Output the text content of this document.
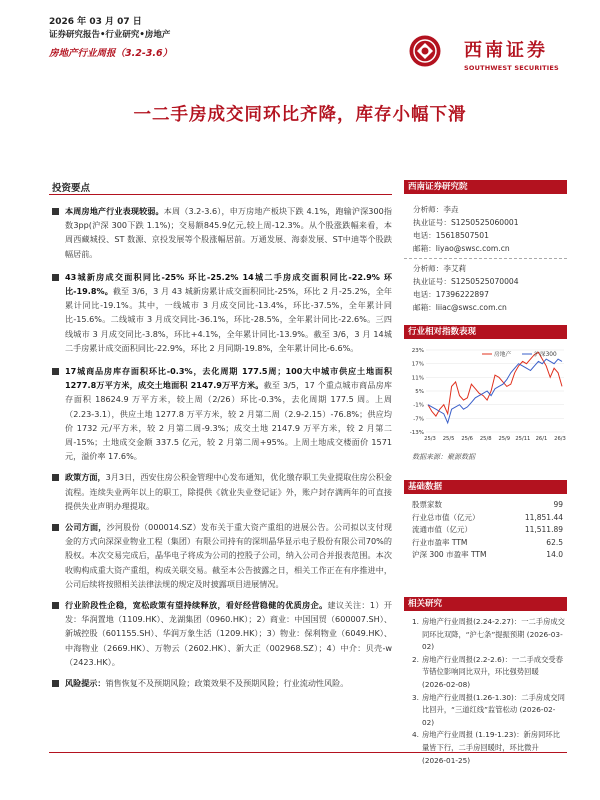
2026 年 03 月 07 日
证券研究报告•行业研究•房地产
房地产行业周报（3.2-3.6）	西南证券
SOUTHWEST SECURITIES
一二手房成交同环比齐降，库存小幅下滑
投资要点
本周房地产行业表现较弱。本周（3.2-3.6），申万房地产板块下跌 4.1%，跑输沪深300指数3pp(沪深 300下跌 1.1%)；交易额845.9亿元,较上周-12.3%。从个股涨跌幅来看，本周西藏城投、ST 数源、京投发展等个股涨幅居前。万通发展、海泰发展、ST中迪等个股跌幅居前。
43城新房成交面积同比-25% 环比-25.2% 14城二手房成交面积同比-22.9% 环比-19.8%。截至 3/6，3 月 43 城新房累计成交面积同比-25%，环比 2 月-25.2%，全年累计同比-19.1%。其中，一线城市 3 月成交同比-13.4%，环比-37.5%，全年累计同比-15.6%。二线城市 3 月成交同比-36.1%，环比-28.5%，全年累计同比-22.6%。三四线城市 3 月成交同比-3.8%，环比+4.1%，全年累计同比-13.9%。截至 3/6，3 月 14城二手房累计成交面积同比-22.9%，环比 2 月同期-19.8%，全年累计同比-6.6%。
17城商品房库存面积环比-0.3%，去化周期 177.5周；100大中城市供应土地面积 1277.8万平方米，成交土地面积 2147.9万平方米。截至 3/5，17 个重点城市商品房库存面积 18624.9 万平方米，较上周（2/26）环比-0.3%，去化周期 177.5 周。上周（2.23-3.1），供应土地 1277.8 万平方米，较 2 月第二周（2.9-2.15）-76.8%；供应均价 1732 元/平方米，较 2 月第二周-9.3%；成交土地 2147.9 万平方米，较 2 月第二周-15%；土地成交金额 337.5 亿元，较 2 月第二周+95%。上周土地成交楼面价 1571 元，溢价率 17.6%。
政策方面，3月3日，西安住房公积金管理中心发布通知，优化缴存职工失业提取住房公积金流程。连续失业两年以上的职工，除提供《就业失业登记证》外，账户封存满两年的可直接提供失业声明办理提取。
公司方面，沙河股份（000014.SZ）发布关于重大资产重组的进展公告。公司拟以支付现金的方式向深深业物业工程（集团）有限公司持有的深圳晶华显示电子股份有限公司70%的股权。本次交易完成后，晶华电子将成为公司的控股子公司，纳入公司合并报表范围。本次收购构成重大资产重组，构成关联交易。截至本公告披露之日，相关工作正在有序推进中，公司后续将按照相关法律法规的规定及时披露项目进展情况。
行业阶段性企稳，宽松政策有望持续释放，看好经营稳健的优质房企。建议关注：1）开发：华润置地（1109.HK）、龙湖集团（0960.HK）；2）商业：中国国贸（600007.SH）、新城控股（601155.SH）、华润万象生活（1209.HK）；3）物业：保利物业（6049.HK）、中海物业（2669.HK）、万物云（2602.HK）、新大正（002968.SZ）；4）中介：贝壳-w（2423.HK）。
风险提示：销售恢复不及预期风险；政策效果不及预期风险；行业流动性风险。
西南证券研究院
分析师：李垚
执业证号：S1250525060001
电话：15618507501
邮箱：liyao@swsc.com.cn
分析师：李艾莉
执业证号：S1250525070004
电话：17396222897
邮箱：liiac@swsc.com.cn
行业相对指数表现
23%
17%
11%
5%
-1%
-7%
-13%
25/3 25/5 25/6 25/8 25/9 25/11 26/1 26/3
房地产	沪深300
数据来源：聚源数据
基础数据
股票家数	99
行业总市值（亿元）	11,851.44
流通市值（亿元）	11,511.89
行业市盈率 TTM	62.5
沪深 300 市盈率 TTM	14.0
相关研究
1. 房地产行业周报(2.24-2.27)：一二手房成交同环比双降，“沪七条”提振预期 (2026-03-02)
2. 房地产行业周报(2.2-2.6)：一二手成交受春节错位影响同比双升，环比强势回暖 (2026-02-08)
3. 房地产行业周报(1.26-1.30)：二手房成交同比回升，“三道红线”监管松动 (2026-02-02)
4. 房地产行业周报 (1.19-1.23)：新房同环比量皆下行，二手房回暖时，环比微升 (2026-01-25)
